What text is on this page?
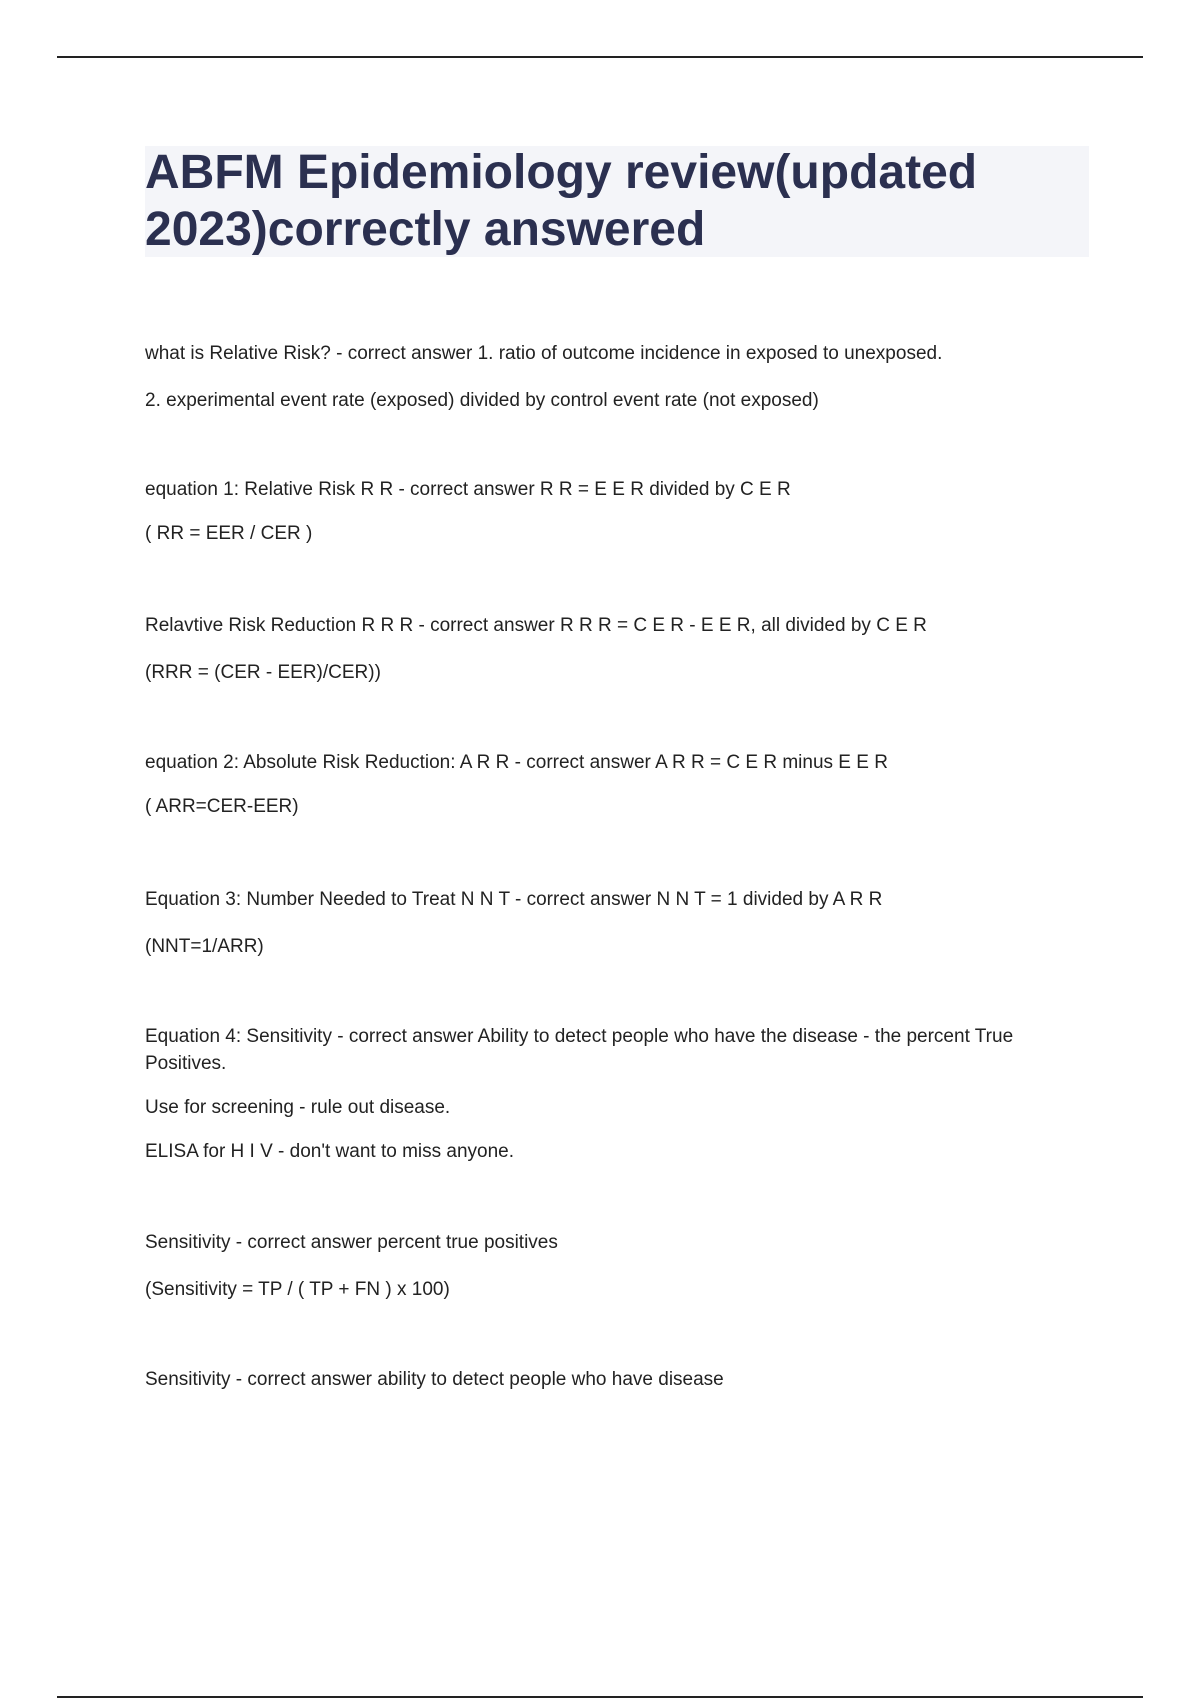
ABFM Epidemiology review(updated 2023)correctly answered

what is Relative Risk? - correct answer 1. ratio of outcome incidence in exposed to unexposed.

2. experimental event rate (exposed) divided by control event rate (not exposed)

equation 1: Relative Risk R R - correct answer R R = E E R divided by C E R

( RR = EER / CER )

Relavtive Risk Reduction R R R - correct answer R R R = C E R - E E R, all divided by C E R

(RRR = (CER - EER)/CER))

equation 2: Absolute Risk Reduction: A R R - correct answer A R R = C E R minus E E R

( ARR=CER-EER)

Equation 3: Number Needed to Treat N N T - correct answer N N T = 1 divided by A R R

(NNT=1/ARR)

Equation 4: Sensitivity - correct answer Ability to detect people who have the disease - the percent True Positives.

Use for screening - rule out disease.

ELISA for H I V - don't want to miss anyone.

Sensitivity - correct answer percent true positives

(Sensitivity = TP / ( TP + FN ) x 100)

Sensitivity - correct answer ability to detect people who have disease
